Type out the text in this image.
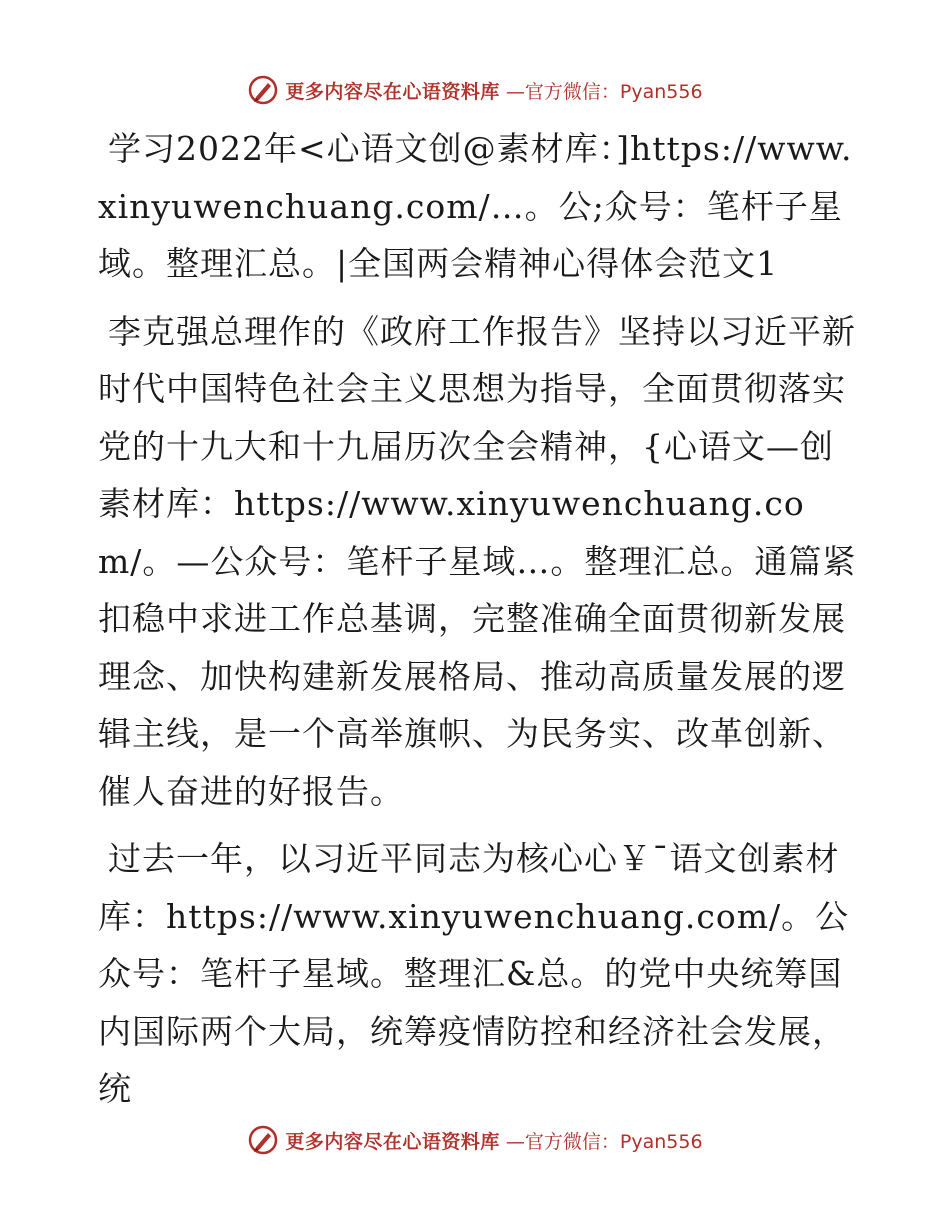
更多内容尽在心语资料库 —官方微信：Pyan556

学习2022年<心语文创@素材库：]https://www.xinyuwenchuang.com/…。公;众号：笔杆子星域。整理汇总。|全国两会精神心得体会范文1

李克强总理作的《政府工作报告》坚持以习近平新时代中国特色社会主义思想为指导，全面贯彻落实党的十九大和十九届历次全会精神，{心语文—创素材库：https://www.xinyuwenchuang.com/。—公众号：笔杆子星域…。整理汇总。通篇紧扣稳中求进工作总基调，完整准确全面贯彻新发展理念、加快构建新发展格局、推动高质量发展的逻辑主线，是一个高举旗帜、为民务实、改革创新、催人奋进的好报告。

过去一年，以习近平同志为核心心￥¯语文创素材库：https://www.xinyuwenchuang.com/。公众号：笔杆子星域。整理汇&总。的党中央统筹国内国际两个大局，统筹疫情防控和经济社会发展，统

更多内容尽在心语资料库 —官方微信：Pyan556
